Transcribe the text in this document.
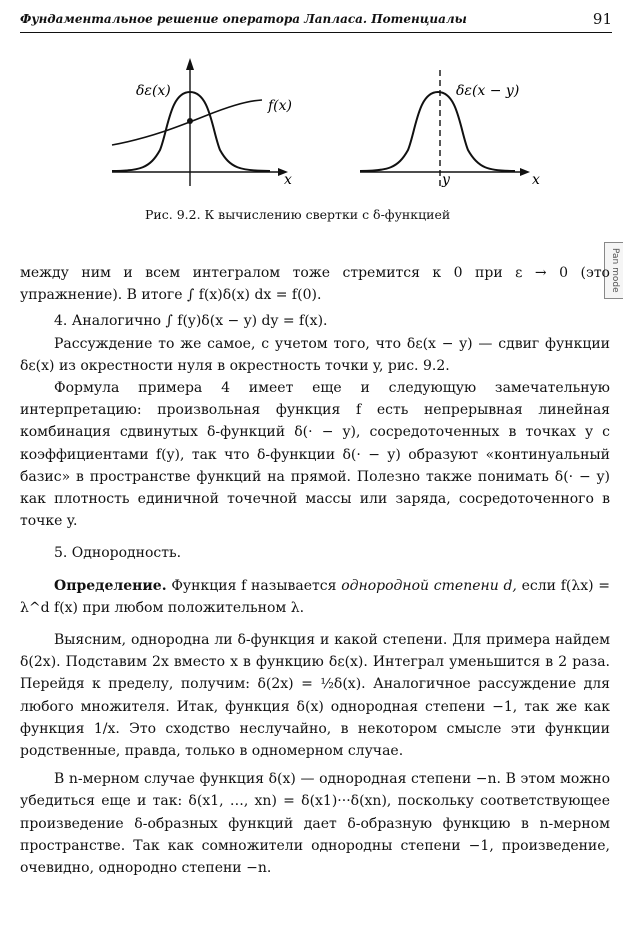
Фундаментальное решение оператора Лапласа. Потенциалы	91
δε(x)
f(x)
x
δε(x − y)
y	x
Рис. 9.2. К вычислению свертки с δ-функцией
Pan mode

между ним и всем интегралом тоже стремится к 0 при ε → 0 (это упражнение). В итоге ∫ f(x)δ(x) dx = f(0).

4. Аналогично ∫ f(y)δ(x − y) dy = f(x).

Рассуждение то же самое, с учетом того, что δε(x − y) — сдвиг функции δε(x) из окрестности нуля в окрестность точки y, рис. 9.2.

Формула примера 4 имеет еще и следующую замечательную интерпретацию: произвольная функция f есть непрерывная линейная комбинация сдвинутых δ-функций δ(· − y), сосредоточенных в точках y с коэффициентами f(y), так что δ-функции δ(· − y) образуют «континуальный базис» в пространстве функций на прямой. Полезно также понимать δ(· − y) как плотность единичной точечной массы или заряда, сосредоточенного в точке y.

5. Однородность.

Определение. Функция f называется однородной степени d, если f(λx) = λ^d f(x) при любом положительном λ.

Выясним, однородна ли δ-функция и какой степени. Для примера найдем δ(2x). Подставим 2x вместо x в функцию δε(x). Интеграл уменьшится в 2 раза. Перейдя к пределу, получим: δ(2x) = ½δ(x). Аналогичное рассуждение для любого множителя. Итак, функция δ(x) однородная степени −1, так же как функция 1/x. Это сходство неслучайно, в некотором смысле эти функции родственные, правда, только в одномерном случае.

В n-мерном случае функция δ(x) — однородная степени −n. В этом можно убедиться еще и так: δ(x1, …, xn) = δ(x1)···δ(xn), поскольку соответствующее произведение δ-образных функций дает δ-образную функцию в n-мерном пространстве. Так как сомножители однородны степени −1, произведение, очевидно, однородно степени −n.
